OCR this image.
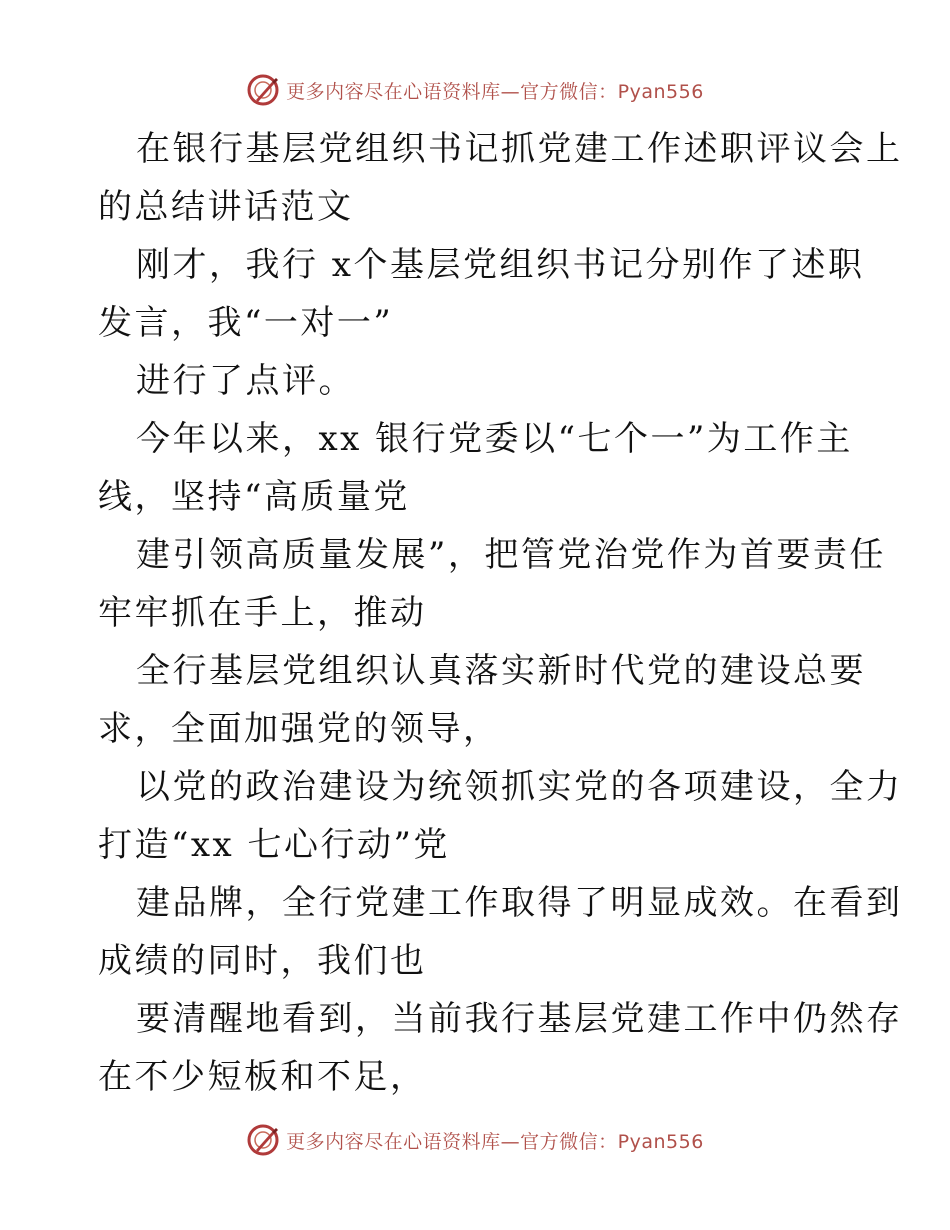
更多内容尽在心语资料库—官方微信：Pyan556
在银行基层党组织书记抓党建工作述职评议会上
的总结讲话范文
刚才，我行 x个基层党组织书记分别作了述职
发言，我“一对一”
进行了点评。
今年以来，xx 银行党委以“七个一”为工作主
线，坚持“高质量党
建引领高质量发展”，把管党治党作为首要责任
牢牢抓在手上，推动
全行基层党组织认真落实新时代党的建设总要
求，全面加强党的领导，
以党的政治建设为统领抓实党的各项建设，全力
打造“xx 七心行动”党
建品牌，全行党建工作取得了明显成效。在看到
成绩的同时，我们也
要清醒地看到，当前我行基层党建工作中仍然存
在不少短板和不足，
更多内容尽在心语资料库—官方微信：Pyan556
